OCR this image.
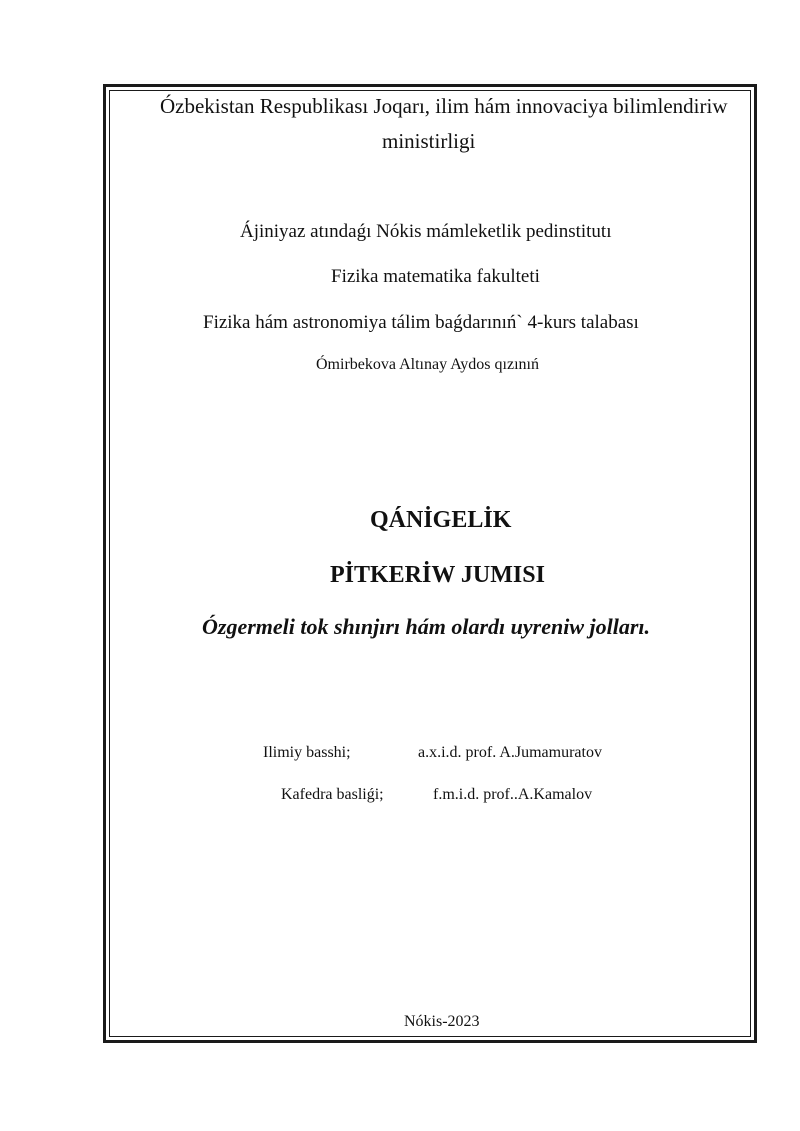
Ózbekistan Respublikası Joqarı, ilim hám innovaciya bilimlendiriw
ministirligi
Ájiniyaz atındaǵı Nókis mámleketlik pedinstitutı
Fizika matematika fakulteti
Fizika hám astronomiya tálim baǵdarınıń` 4-kurs talabası
Ómirbekova Altınay Aydos qızınıń
QÁNİGELİK
PİTKERİW JUMISI
Ózgermeli tok shınjırı hám olardı uyreniw jolları.
Ilimiy basshi;	a.x.i.d. prof. A.Jumamuratov
Kafedra basliǵi;	f.m.i.d. prof..A.Kamalov
Nókis-2023
